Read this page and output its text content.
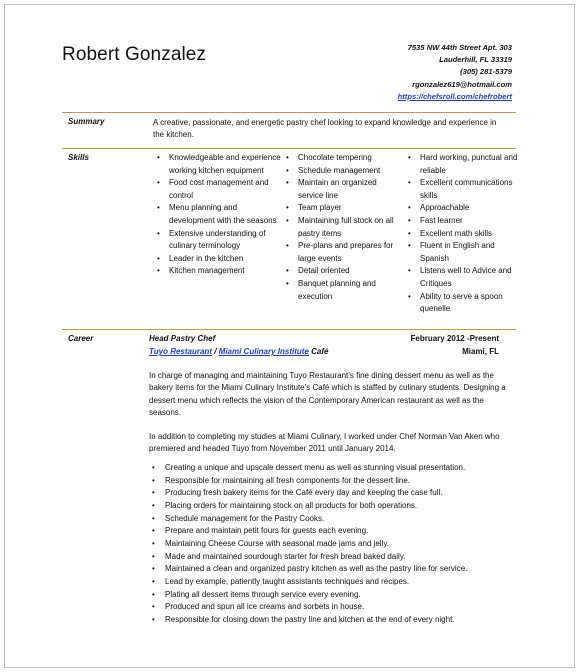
Robert Gonzalez	7535 NW 44th Street Apt. 303
Lauderhill, FL 33319
(305) 281-5379
rgonzalez619@hotmail.com
https://chefsroll.com/chefrobert
Summary	A creative, passionate, and energetic pastry chef looking to expand knowledge and experience in the kitchen.
Skills
•	Knowledgeable and experience working kitchen equipment
• Food cost management and control
• Menu planning and development with the seasons
• Extensive understanding of culinary terminology
• Leader in the kitchen
• Kitchen management
• Chocolate tempering
• Schedule management
• Maintain an organized service line
• Team player
• Maintaining full stock on all pastry items
• Pre-plans and prepares for large events
• Detail oriented
• Banquet planning and execution
• Hard working, punctual and reliable
• Excellent communications skills
• Approachable
• Fast learner
• Excellent math skills
• Fluent in English and Spanish
• Listens well to Advice and Critiques
• Ability to serve a spoon quenelle
Career	Head Pastry Chef	February 2012 -Present
Tuyo Restaurant / Miami Culinary Institute Café	Miami, FL
In charge of managing and maintaining Tuyo Restaurant’s fine dining dessert menu as well as the bakery items for the Miami Culinary Institute’s Café which is staffed by culinary students. Designing a dessert menu which reflects the vision of the Contemporary American restaurant as well as the seasons.
In addition to completing my studies at Miami Culinary, I worked under Chef Norman Van Aken who premiered and headed Tuyo from November 2011 until January 2014.
• Creating a unique and upscale dessert menu as well as stunning visual presentation.
• Responsible for maintaining all fresh components for the dessert line.
• Producing fresh bakery items for the Café every day and keeping the case full.
• Placing orders for maintaining stock on all products for both operations.
• Schedule management for the Pastry Cooks.
• Prepare and maintain petit fours for guests each evening.
• Maintaining Cheese Course with seasonal made jams and jelly.
• Made and maintained sourdough starter for fresh bread baked daily.
• Maintained a clean and organized pastry kitchen as well as the pastry line for service.
• Lead by example, patiently taught assistants techniques and recipes.
• Plating all dessert items through service every evening.
• Produced and spun all ice creams and sorbets in house.
• Responsible for closing down the pastry line and kitchen at the end of every night.
